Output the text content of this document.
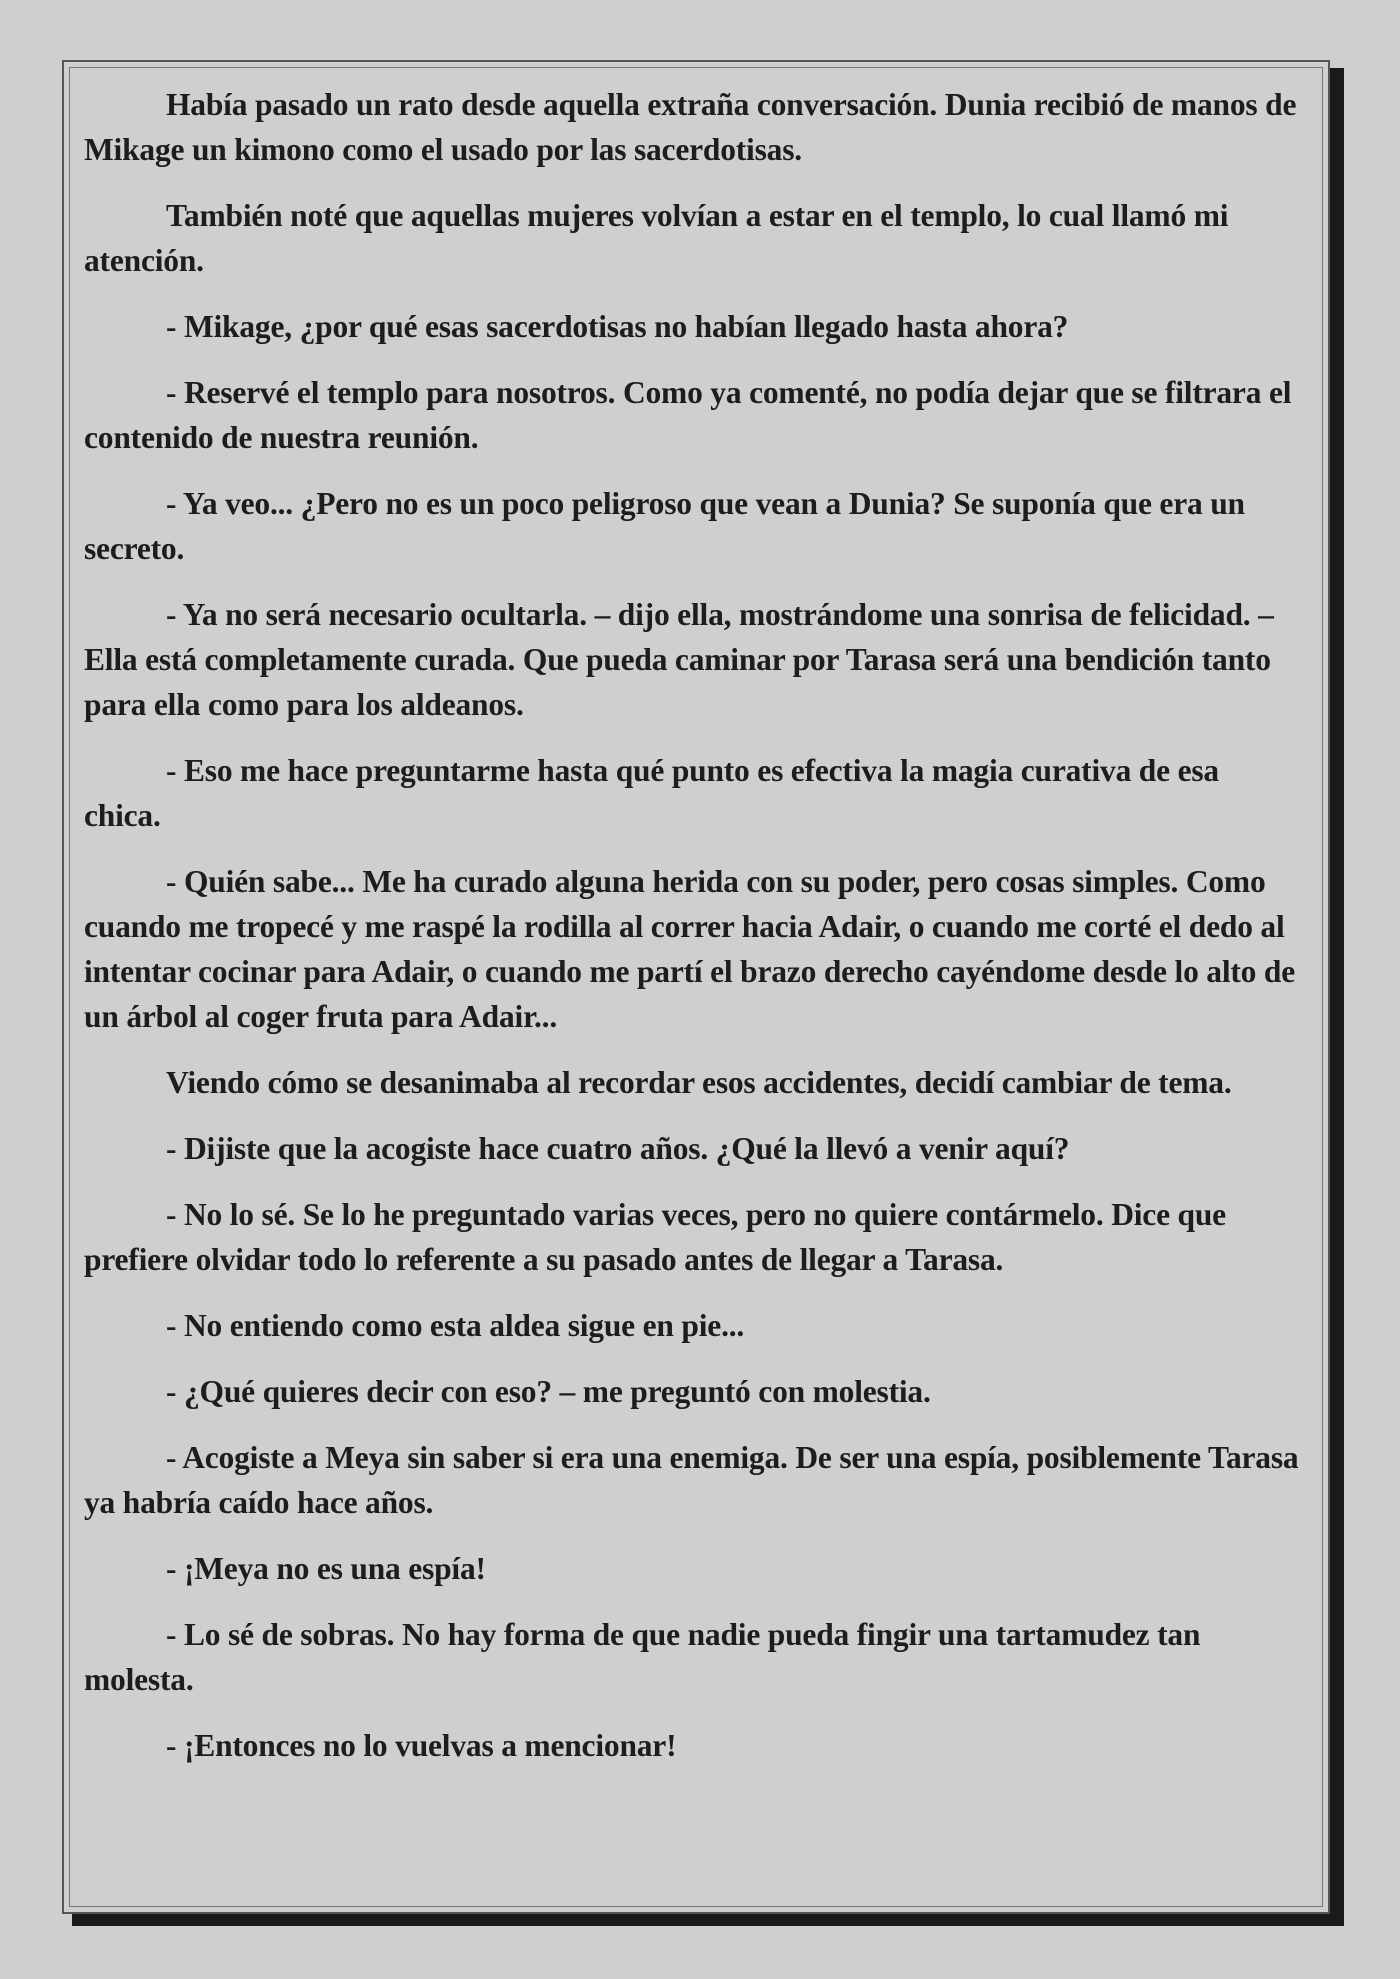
Había pasado un rato desde aquella extraña conversación. Dunia recibió de manos de Mikage un kimono como el usado por las sacerdotisas.

También noté que aquellas mujeres volvían a estar en el templo, lo cual llamó mi atención.

- Mikage, ¿por qué esas sacerdotisas no habían llegado hasta ahora?

- Reservé el templo para nosotros. Como ya comenté, no podía dejar que se filtrara el contenido de nuestra reunión.

- Ya veo... ¿Pero no es un poco peligroso que vean a Dunia? Se suponía que era un secreto.

- Ya no será necesario ocultarla. – dijo ella, mostrándome una sonrisa de felicidad. – Ella está completamente curada. Que pueda caminar por Tarasa será una bendición tanto para ella como para los aldeanos.

- Eso me hace preguntarme hasta qué punto es efectiva la magia curativa de esa chica.

- Quién sabe... Me ha curado alguna herida con su poder, pero cosas simples. Como cuando me tropecé y me raspé la rodilla al correr hacia Adair, o cuando me corté el dedo al intentar cocinar para Adair, o cuando me partí el brazo derecho cayéndome desde lo alto de un árbol al coger fruta para Adair...

Viendo cómo se desanimaba al recordar esos accidentes, decidí cambiar de tema.

- Dijiste que la acogiste hace cuatro años. ¿Qué la llevó a venir aquí?

- No lo sé. Se lo he preguntado varias veces, pero no quiere contármelo. Dice que prefiere olvidar todo lo referente a su pasado antes de llegar a Tarasa.

- No entiendo como esta aldea sigue en pie...

- ¿Qué quieres decir con eso? – me preguntó con molestia.

- Acogiste a Meya sin saber si era una enemiga. De ser una espía, posiblemente Tarasa ya habría caído hace años.

- ¡Meya no es una espía!

- Lo sé de sobras. No hay forma de que nadie pueda fingir una tartamudez tan molesta.

- ¡Entonces no lo vuelvas a mencionar!
